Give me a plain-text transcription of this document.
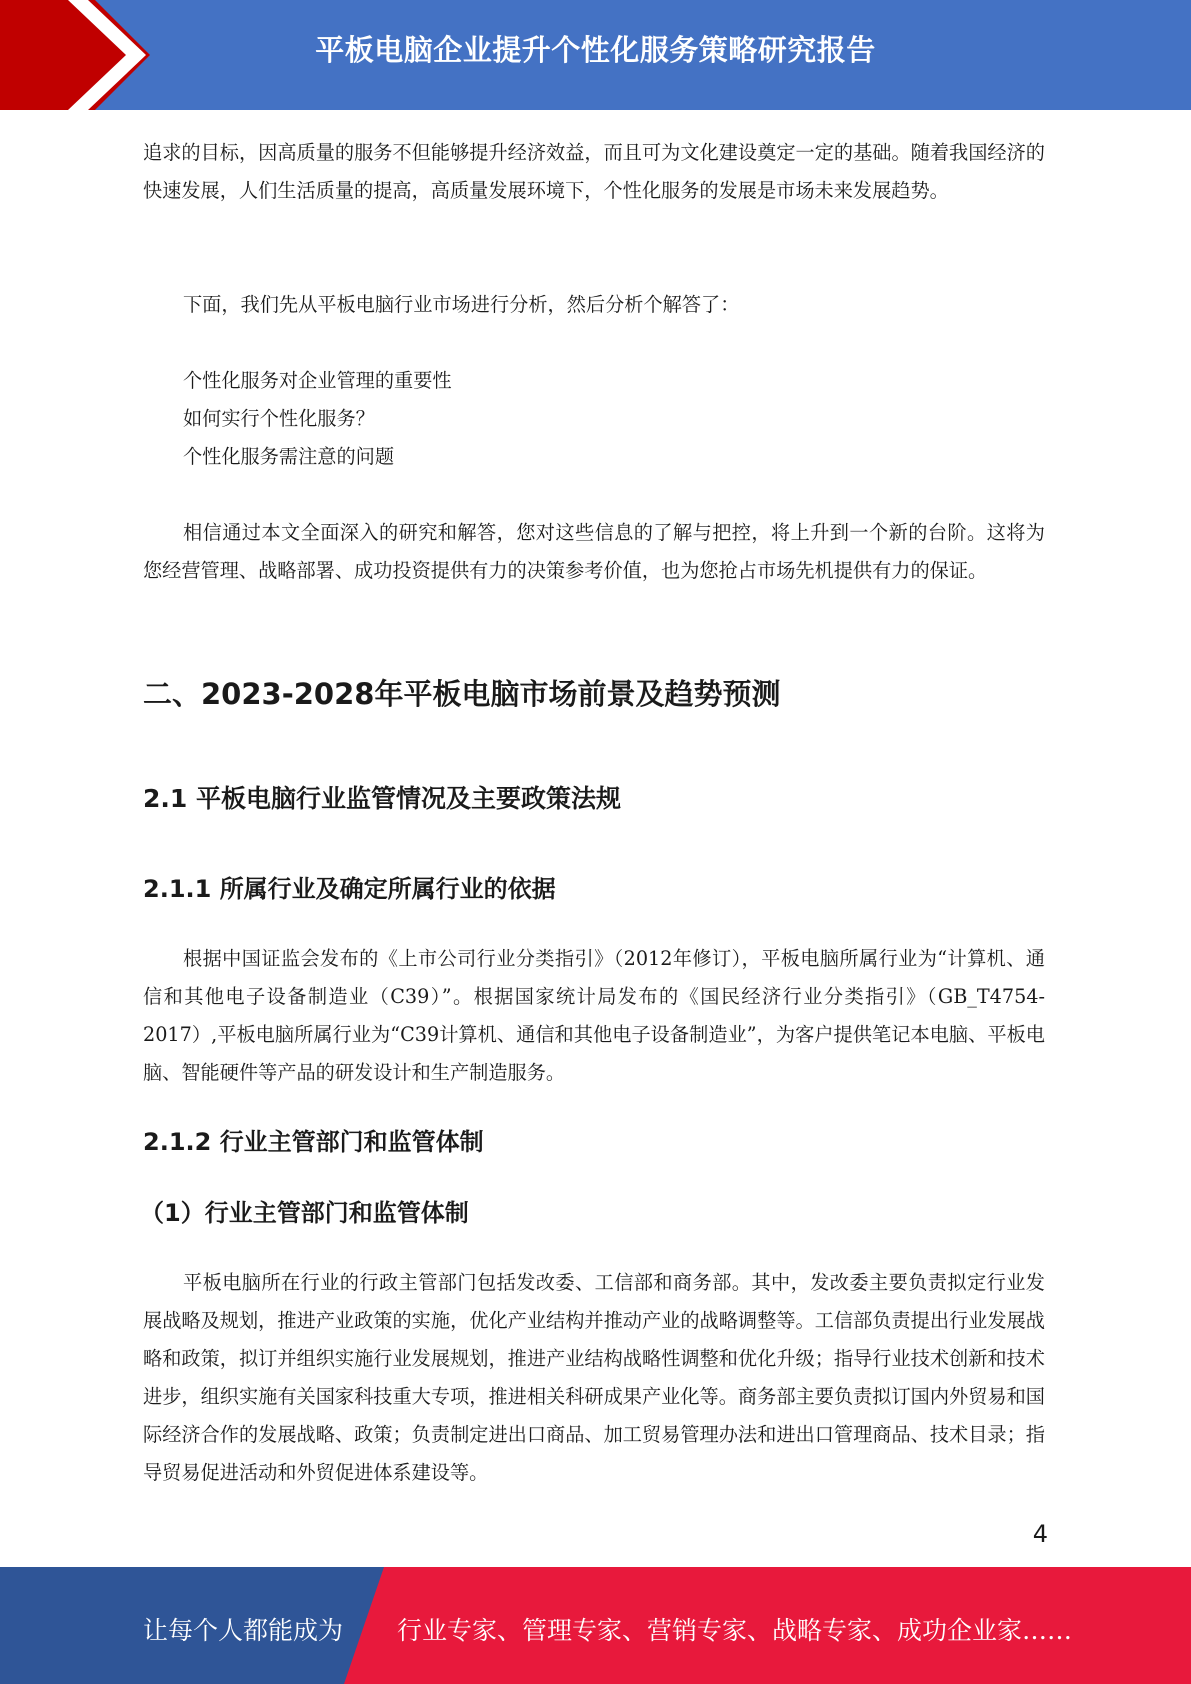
平板电脑企业提升个性化服务策略研究报告

追求的目标，因高质量的服务不但能够提升经济效益，而且可为文化建设奠定一定的基础。随着我国经济的快速发展，人们生活质量的提高，高质量发展环境下，个性化服务的发展是市场未来发展趋势。

下面，我们先从平板电脑行业市场进行分析，然后分析个解答了：

个性化服务对企业管理的重要性

如何实行个性化服务？

个性化服务需注意的问题

相信通过本文全面深入的研究和解答，您对这些信息的了解与把控，将上升到一个新的台阶。这将为您经营管理、战略部署、成功投资提供有力的决策参考价值，也为您抢占市场先机提供有力的保证。

二、2023-2028年平板电脑市场前景及趋势预测
2.1 平板电脑行业监管情况及主要政策法规
2.1.1 所属行业及确定所属行业的依据

根据中国证监会发布的《上市公司行业分类指引》（2012年修订），平板电脑所属行业为“计算机、通信和其他电子设备制造业（C39）”。根据国家统计局发布的《国民经济行业分类指引》（GB_T4754-2017）,平板电脑所属行业为“C39计算机、通信和其他电子设备制造业”，为客户提供笔记本电脑、平板电脑、智能硬件等产品的研发设计和生产制造服务。

2.1.2 行业主管部门和监管体制
（1）行业主管部门和监管体制

平板电脑所在行业的行政主管部门包括发改委、工信部和商务部。其中，发改委主要负责拟定行业发展战略及规划，推进产业政策的实施，优化产业结构并推动产业的战略调整等。工信部负责提出行业发展战略和政策，拟订并组织实施行业发展规划，推进产业结构战略性调整和优化升级；指导行业技术创新和技术进步，组织实施有关国家科技重大专项，推进相关科研成果产业化等。商务部主要负责拟订国内外贸易和国际经济合作的发展战略、政策；负责制定进出口商品、加工贸易管理办法和进出口管理商品、技术目录；指导贸易促进活动和外贸促进体系建设等。

4
让每个人都能成为 行业专家、管理专家、营销专家、战略专家、成功企业家……
